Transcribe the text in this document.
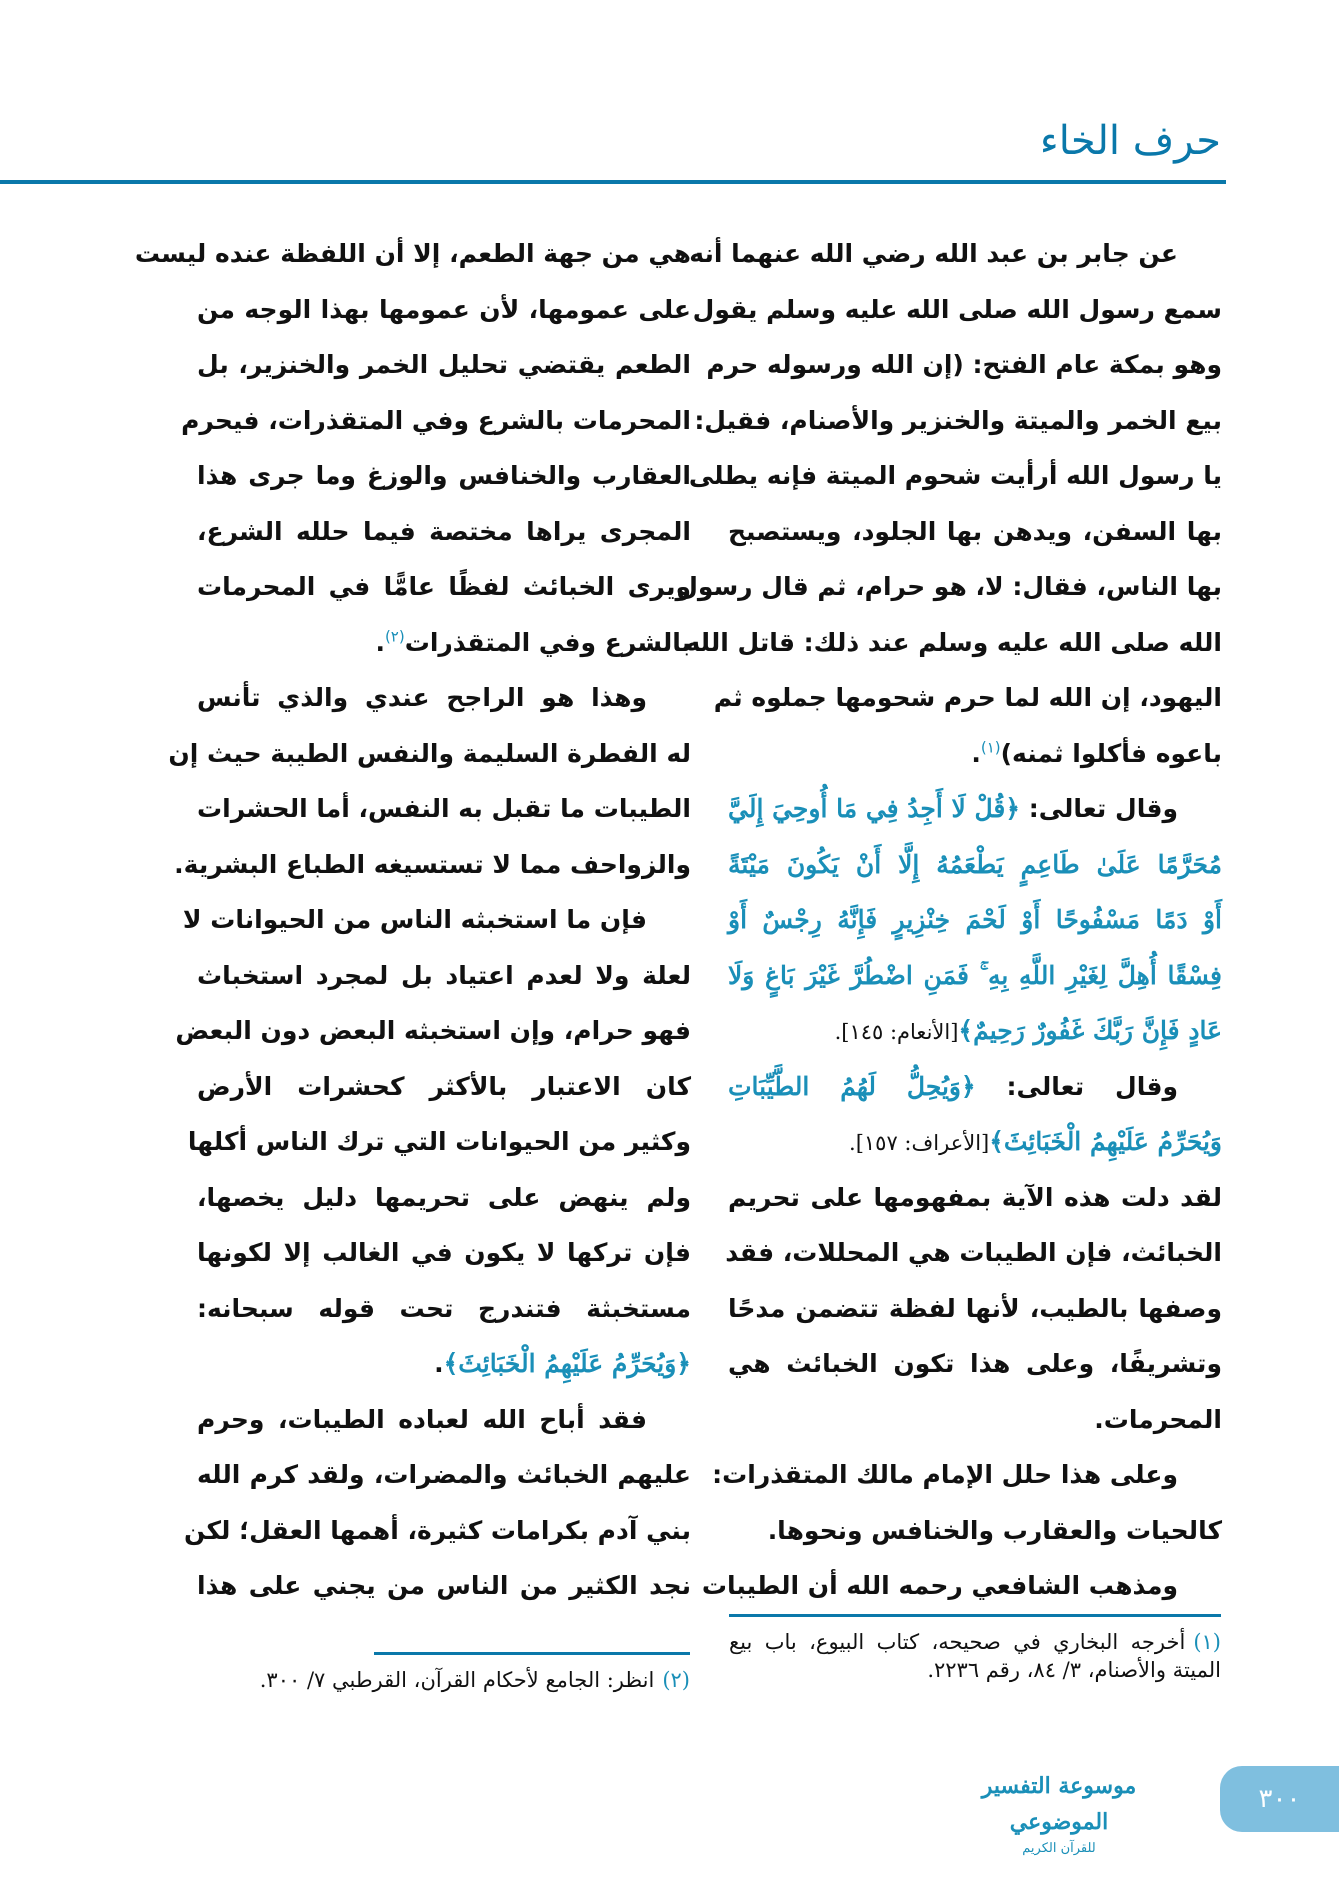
حرف الخاء
عن جابر بن عبد الله رضي الله عنهما أنه
سمع رسول الله صلى الله عليه وسلم يقول
وهو بمكة عام الفتح: (إن الله ورسوله حرم
بيع الخمر والميتة والخنزير والأصنام، فقيل:
يا رسول الله أرأيت شحوم الميتة فإنه يطلى
بها السفن، ويدهن بها الجلود، ويستصبح
بها الناس، فقال: لا، هو حرام، ثم قال رسول
الله صلى الله عليه وسلم عند ذلك: قاتل الله
اليهود، إن الله لما حرم شحومها جملوه ثم
باعوه فأكلوا ثمنه)$^{(١)}$.
وقال تعالى: ﴿قُلْ لَا أَجِدُ فِي مَا أُوحِيَ إِلَيَّ
مُحَرَّمًا عَلَىٰ طَاعِمٍ يَطْعَمُهُ إِلَّا أَنْ يَكُونَ مَيْتَةً
أَوْ دَمًا مَسْفُوحًا أَوْ لَحْمَ خِنْزِيرٍ فَإِنَّهُ رِجْسٌ أَوْ
فِسْقًا أُهِلَّ لِغَيْرِ اللَّهِ بِهِ ۚ فَمَنِ اضْطُرَّ غَيْرَ بَاغٍ وَلَا
عَادٍ فَإِنَّ رَبَّكَ غَفُورٌ رَحِيمٌ﴾[الأنعام: ١٤٥].
وقال تعالى: ﴿وَيُحِلُّ لَهُمُ الطَّيِّبَاتِ
وَيُحَرِّمُ عَلَيْهِمُ الْخَبَائِثَ﴾[الأعراف: ١٥٧].
لقد دلت هذه الآية بمفهومها على تحريم
الخبائث، فإن الطيبات هي المحللات، فقد
وصفها بالطيب، لأنها لفظة تتضمن مدحًا
وتشريفًا، وعلى هذا تكون الخبائث هي
المحرمات.
وعلى هذا حلل الإمام مالك المتقذرات:
كالحيات والعقارب والخنافس ونحوها.
ومذهب الشافعي رحمه الله أن الطيبات
هي من جهة الطعم، إلا أن اللفظة عنده ليست
على عمومها، لأن عمومها بهذا الوجه من
الطعم يقتضي تحليل الخمر والخنزير، بل
المحرمات بالشرع وفي المتقذرات، فيحرم
العقارب والخنافس والوزغ وما جرى هذا
المجرى يراها مختصة فيما حلله الشرع،
ويرى الخبائث لفظًا عامًّا في المحرمات
بالشرع وفي المتقذرات$^{(٢)}$.
وهذا هو الراجح عندي والذي تأنس
له الفطرة السليمة والنفس الطيبة حيث إن
الطيبات ما تقبل به النفس، أما الحشرات
والزواحف مما لا تستسيغه الطباع البشرية.
فإن ما استخبثه الناس من الحيوانات لا
لعلة ولا لعدم اعتياد بل لمجرد استخباث
فهو حرام، وإن استخبثه البعض دون البعض
كان الاعتبار بالأكثر كحشرات الأرض
وكثير من الحيوانات التي ترك الناس أكلها
ولم ينهض على تحريمها دليل يخصها،
فإن تركها لا يكون في الغالب إلا لكونها
مستخبثة فتندرج تحت قوله سبحانه:
﴿وَيُحَرِّمُ عَلَيْهِمُ الْخَبَائِثَ﴾.
فقد أباح الله لعباده الطيبات، وحرم
عليهم الخبائث والمضرات، ولقد كرم الله
بني آدم بكرامات كثيرة، أهمها العقل؛ لكن
نجد الكثير من الناس من يجني على هذا
(١)أخرجه البخاري في صحيحه، كتاب البيوع، باب بيع الميتة والأصنام، ٣/ ٨٤، رقم ٢٢٣٦.
(٢)انظر: الجامع لأحكام القرآن، القرطبي ٧/ ٣٠٠.
موسوعة التفسير الموضوعي
للقرآن الكريم
٣٠٠
